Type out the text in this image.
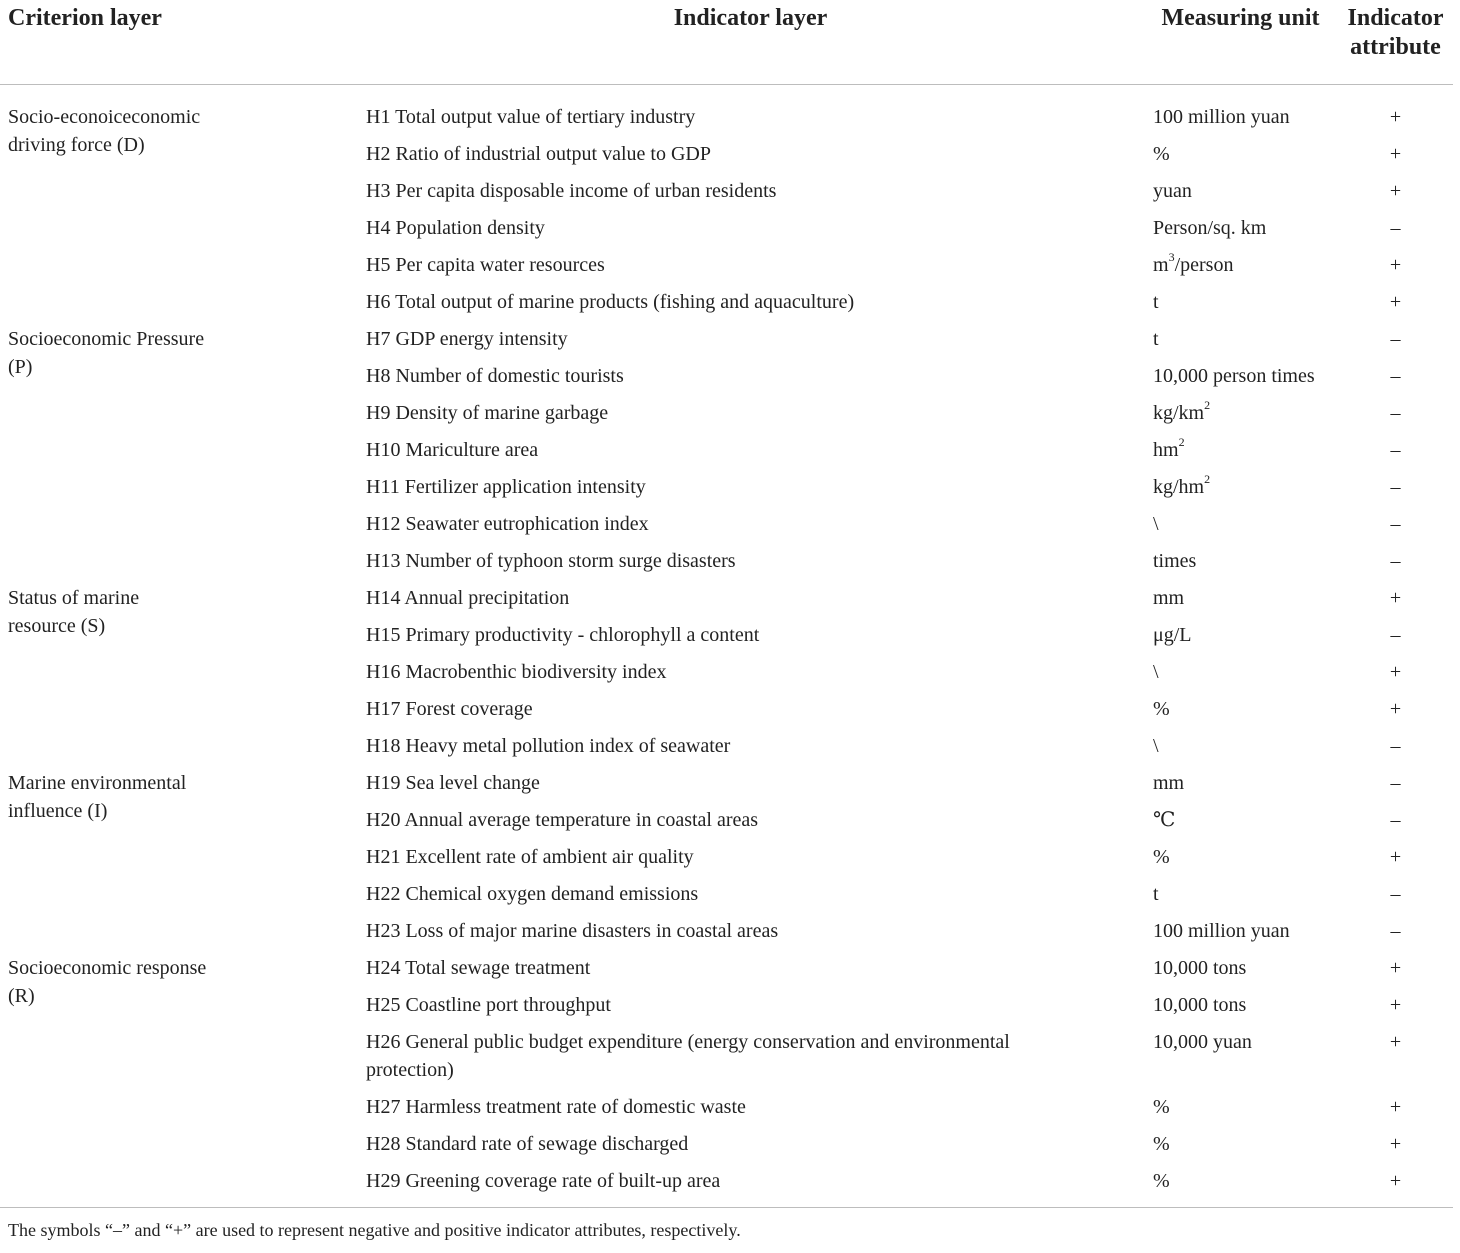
Criterion layer	Indicator layer	Measuring unit	Indicator attribute
Socio-econoiceconomic driving force (D)	H1 Total output value of tertiary industry	100 million yuan	+
	H2 Ratio of industrial output value to GDP	%	+
	H3 Per capita disposable income of urban residents	yuan	+
	H4 Population density	Person/sq. km	–
	H5 Per capita water resources	$m^3$/person	+
	H6 Total output of marine products (fishing and aquaculture)	t	+
Socioeconomic Pressure (P)	H7 GDP energy intensity	t	–
	H8 Number of domestic tourists	10,000 person times	–
	H9 Density of marine garbage	$kg/km^2$	–
	H10 Mariculture area	$hm^2$	–
	H11 Fertilizer application intensity	$kg/hm^2$	–
	H12 Seawater eutrophication index	\	–
	H13 Number of typhoon storm surge disasters	times	–
Status of marine resource (S)	H14 Annual precipitation	mm	+
	H15 Primary productivity - chlorophyll a content	μg/L	–
	H16 Macrobenthic biodiversity index	\	+
	H17 Forest coverage	%	+
	H18 Heavy metal pollution index of seawater	\	–
Marine environmental influence (I)	H19 Sea level change	mm	–
	H20 Annual average temperature in coastal areas	℃	–
	H21 Excellent rate of ambient air quality	%	+
	H22 Chemical oxygen demand emissions	t	–
	H23 Loss of major marine disasters in coastal areas	100 million yuan	–
Socioeconomic response (R)	H24 Total sewage treatment	10,000 tons	+
	H25 Coastline port throughput	10,000 tons	+
	H26 General public budget expenditure (energy conservation and environmental protection)	10,000 yuan	+
	H27 Harmless treatment rate of domestic waste	%	+
	H28 Standard rate of sewage discharged	%	+
	H29 Greening coverage rate of built-up area	%	+
The symbols “–” and “+” are used to represent negative and positive indicator attributes, respectively.
